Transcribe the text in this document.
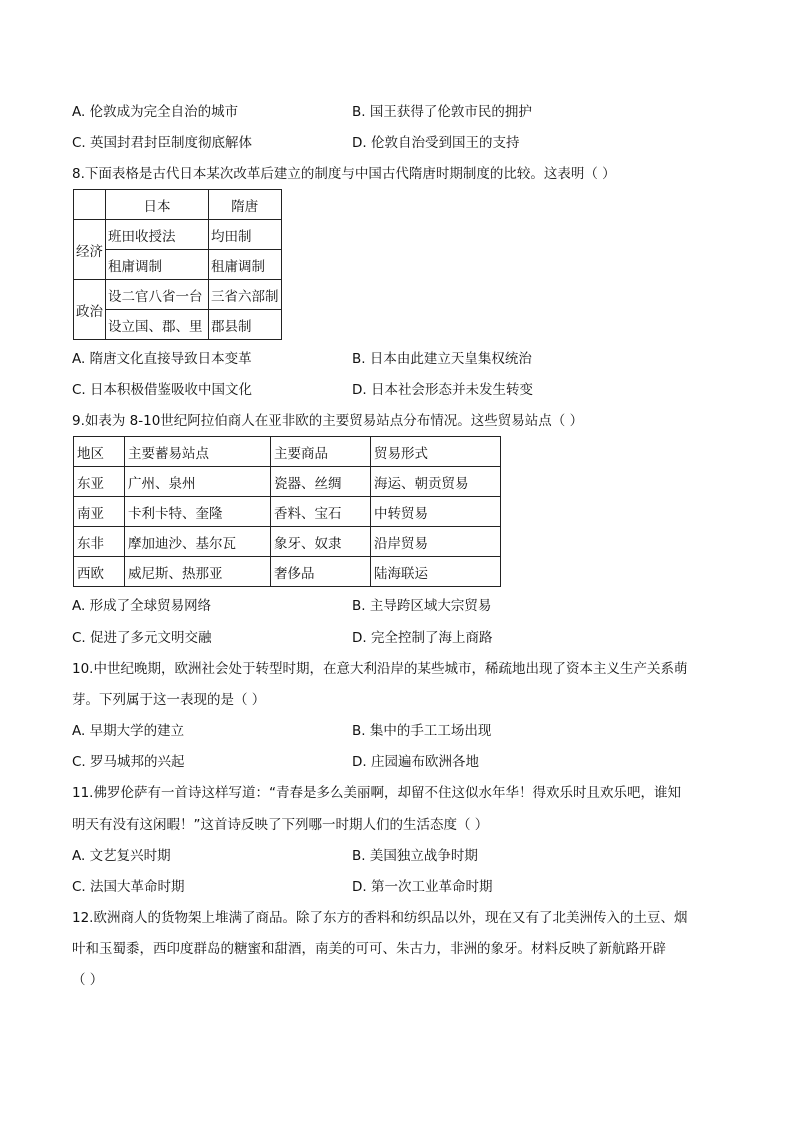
A. 伦敦成为完全自治的城市	B. 国王获得了伦敦市民的拥护
C. 英国封君封臣制度彻底解体	D. 伦敦自治受到国王的支持
8.下面表格是古代日本某次改革后建立的制度与中国古代隋唐时期制度的比较。这表明（ ）
	日本	隋唐
经济	班田收授法	均田制
	租庸调制	租庸调制
政治	设二官八省一台	三省六部制
	设立国、郡、里	郡县制
A. 隋唐文化直接导致日本变革	B. 日本由此建立天皇集权统治
C. 日本积极借鉴吸收中国文化	D. 日本社会形态并未发生转变
9.如表为 8-10世纪阿拉伯商人在亚非欧的主要贸易站点分布情况。这些贸易站点（ ）
地区	主要蓄易站点	主要商品	贸易形式
东亚	广州、泉州	瓷器、丝绸	海运、朝贡贸易
南亚	卡利卡特、奎隆	香料、宝石	中转贸易
东非	摩加迪沙、基尔瓦	象牙、奴隶	沿岸贸易
西欧	威尼斯、热那亚	奢侈品	陆海联运
A. 形成了全球贸易网络	B. 主导跨区域大宗贸易
C. 促进了多元文明交融	D. 完全控制了海上商路
10.中世纪晚期，欧洲社会处于转型时期，在意大利沿岸的某些城市，稀疏地出现了资本主义生产关系萌
芽。下列属于这一表现的是（ ）
A. 早期大学的建立	B. 集中的手工工场出现
C. 罗马城邦的兴起	D. 庄园遍布欧洲各地
11.佛罗伦萨有一首诗这样写道：“青春是多么美丽啊，却留不住这似水年华！得欢乐时且欢乐吧，谁知
明天有没有这闲暇！”这首诗反映了下列哪一时期人们的生活态度（ ）
A. 文艺复兴时期	B. 美国独立战争时期
C. 法国大革命时期	D. 第一次工业革命时期
12.欧洲商人的货物架上堆满了商品。除了东方的香料和纺织品以外，现在又有了北美洲传入的土豆、烟
叶和玉蜀黍，西印度群岛的糖蜜和甜酒，南美的可可、朱古力，非洲的象牙。材料反映了新航路开辟
（ ）
